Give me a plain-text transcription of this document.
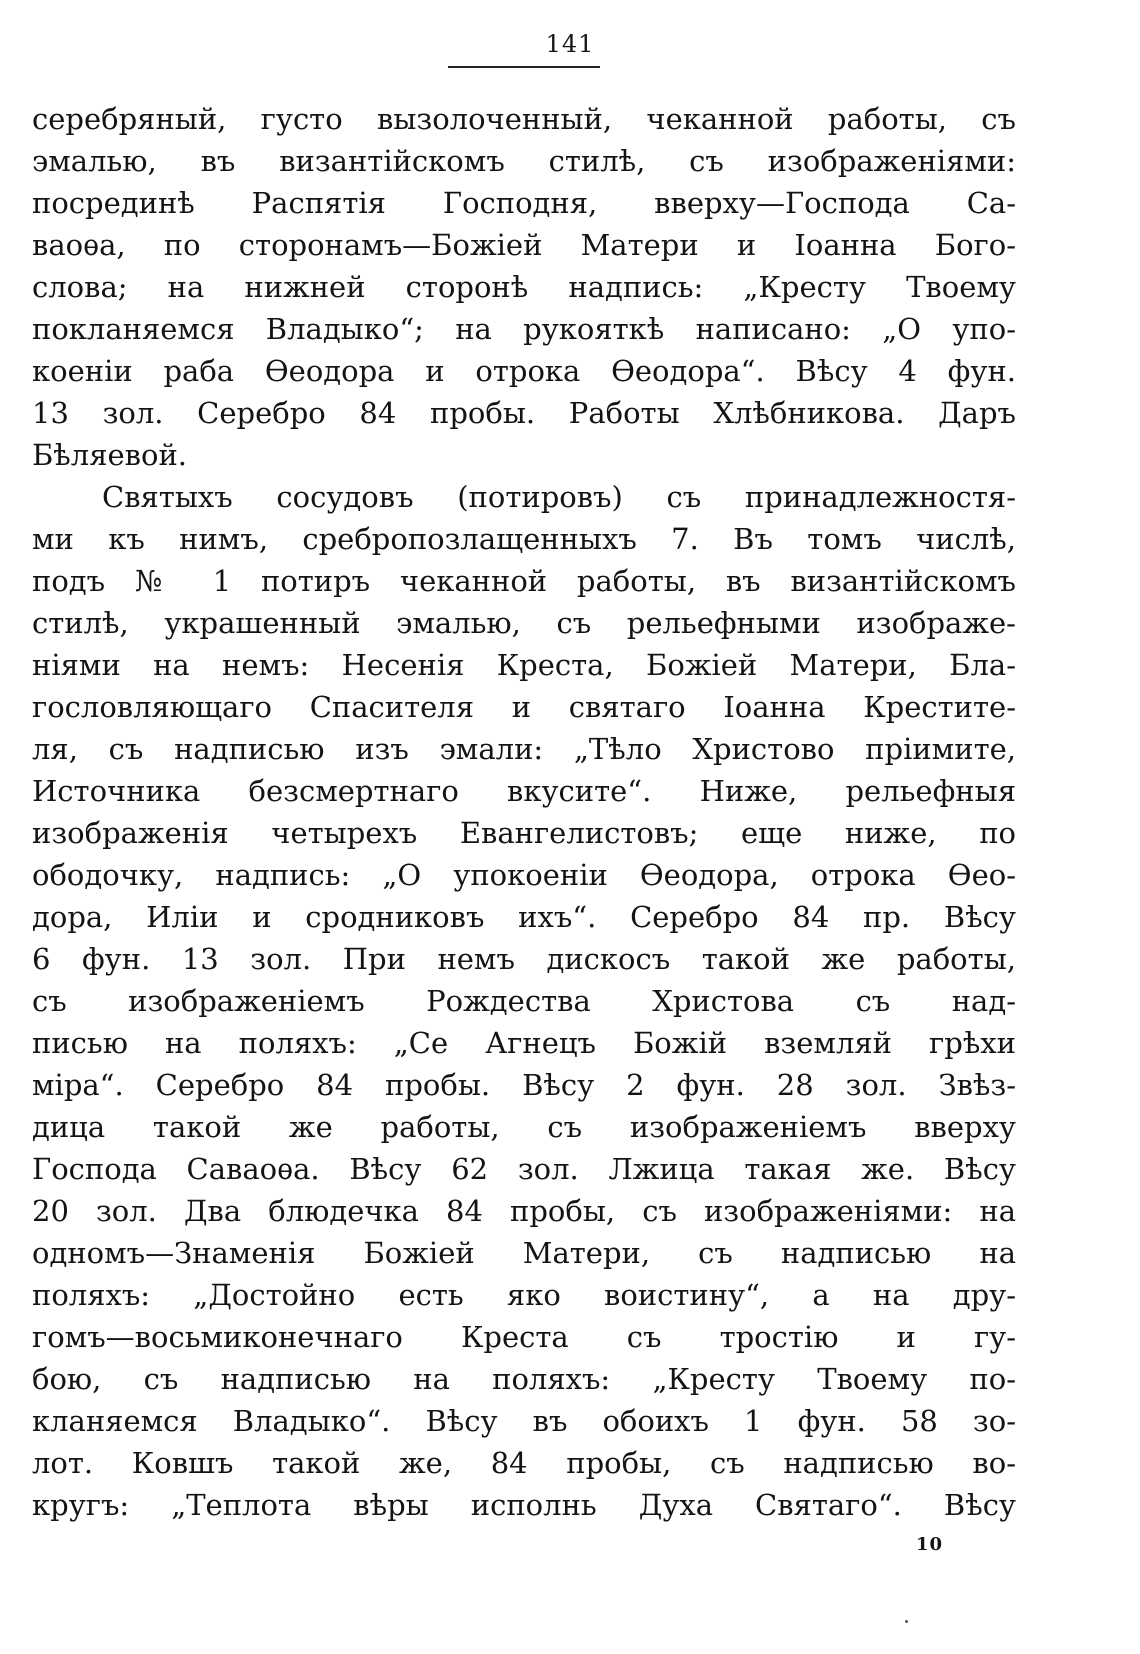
141
серебряный, густо вызолоченный, чеканной работы, съ
эмалью, въ византійскомъ стилѣ, съ изображеніями:
посрединѣ Распятія Господня, вверху—Господа Са-
ваоѳа, по сторонамъ—Божіей Матери и Іоанна Бого-
слова; на нижней сторонѣ надпись: „Кресту Твоему
покланяемся Владыко“; на рукояткѣ написано: „О упо-
коеніи раба Ѳеодора и отрока Ѳеодора“. Вѣсу 4 фун.
13 зол. Серебро 84 пробы. Работы Хлѣбникова. Даръ
Бѣляевой.
Святыхъ сосудовъ (потировъ) съ принадлежностя-
ми къ нимъ, сребропозлащенныхъ 7. Въ томъ числѣ,
подъ № 1 потиръ чеканной работы, въ византійскомъ
стилѣ, украшенный эмалью, съ рельефными изображе-
ніями на немъ: Несенія Креста, Божіей Матери, Бла-
гословляющаго Спасителя и святаго Іоанна Крестите-
ля, съ надписью изъ эмали: „Тѣло Христово пріимите,
Источника безсмертнаго вкусите“. Ниже, рельефныя
изображенія четырехъ Евангелистовъ; еще ниже, по
ободочку, надпись: „О упокоеніи Ѳеодора, отрока Ѳео-
дора, Иліи и сродниковъ ихъ“. Серебро 84 пр. Вѣсу
6 фун. 13 зол. При немъ дискосъ такой же работы,
съ изображеніемъ Рождества Христова съ над-
писью на поляхъ: „Се Агнецъ Божій вземляй грѣхи
міра“. Серебро 84 пробы. Вѣсу 2 фун. 28 зол. Звѣз-
дица такой же работы, съ изображеніемъ вверху
Господа Саваоѳа. Вѣсу 62 зол. Лжица такая же. Вѣсу
20 зол. Два блюдечка 84 пробы, съ изображеніями: на
одномъ—Знаменія Божіей Матери, съ надписью на
поляхъ: „Достойно есть яко воистину“, а на дру-
гомъ—восьмиконечнаго Креста съ тростію и гу-
бою, съ надписью на поляхъ: „Кресту Твоему по-
кланяемся Владыко“. Вѣсу въ обоихъ 1 фун. 58 зо-
лот. Ковшъ такой же, 84 пробы, съ надписью во-
кругъ: „Теплота вѣры исполнь Духа Святаго“. Вѣсу
10
